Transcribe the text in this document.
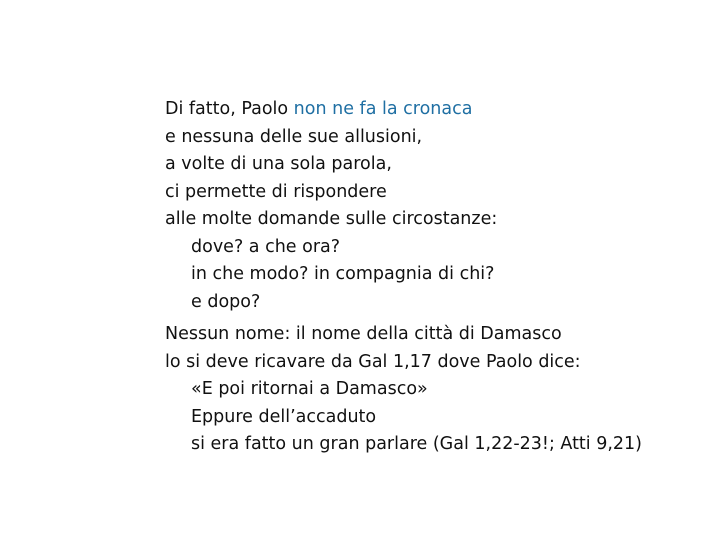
Di fatto, Paolo non ne fa la cronaca
e nessuna delle sue allusioni,
a volte di una sola parola,
ci permette di rispondere
alle molte domande sulle circostanze:
dove? a che ora?
in che modo? in compagnia di chi?
e dopo?
Nessun nome: il nome della città di Damasco
lo si deve ricavare da Gal 1,17 dove Paolo dice:
«E poi ritornai a Damasco»
Eppure dell’accaduto
si era fatto un gran parlare (Gal 1,22-23!; Atti 9,21)
